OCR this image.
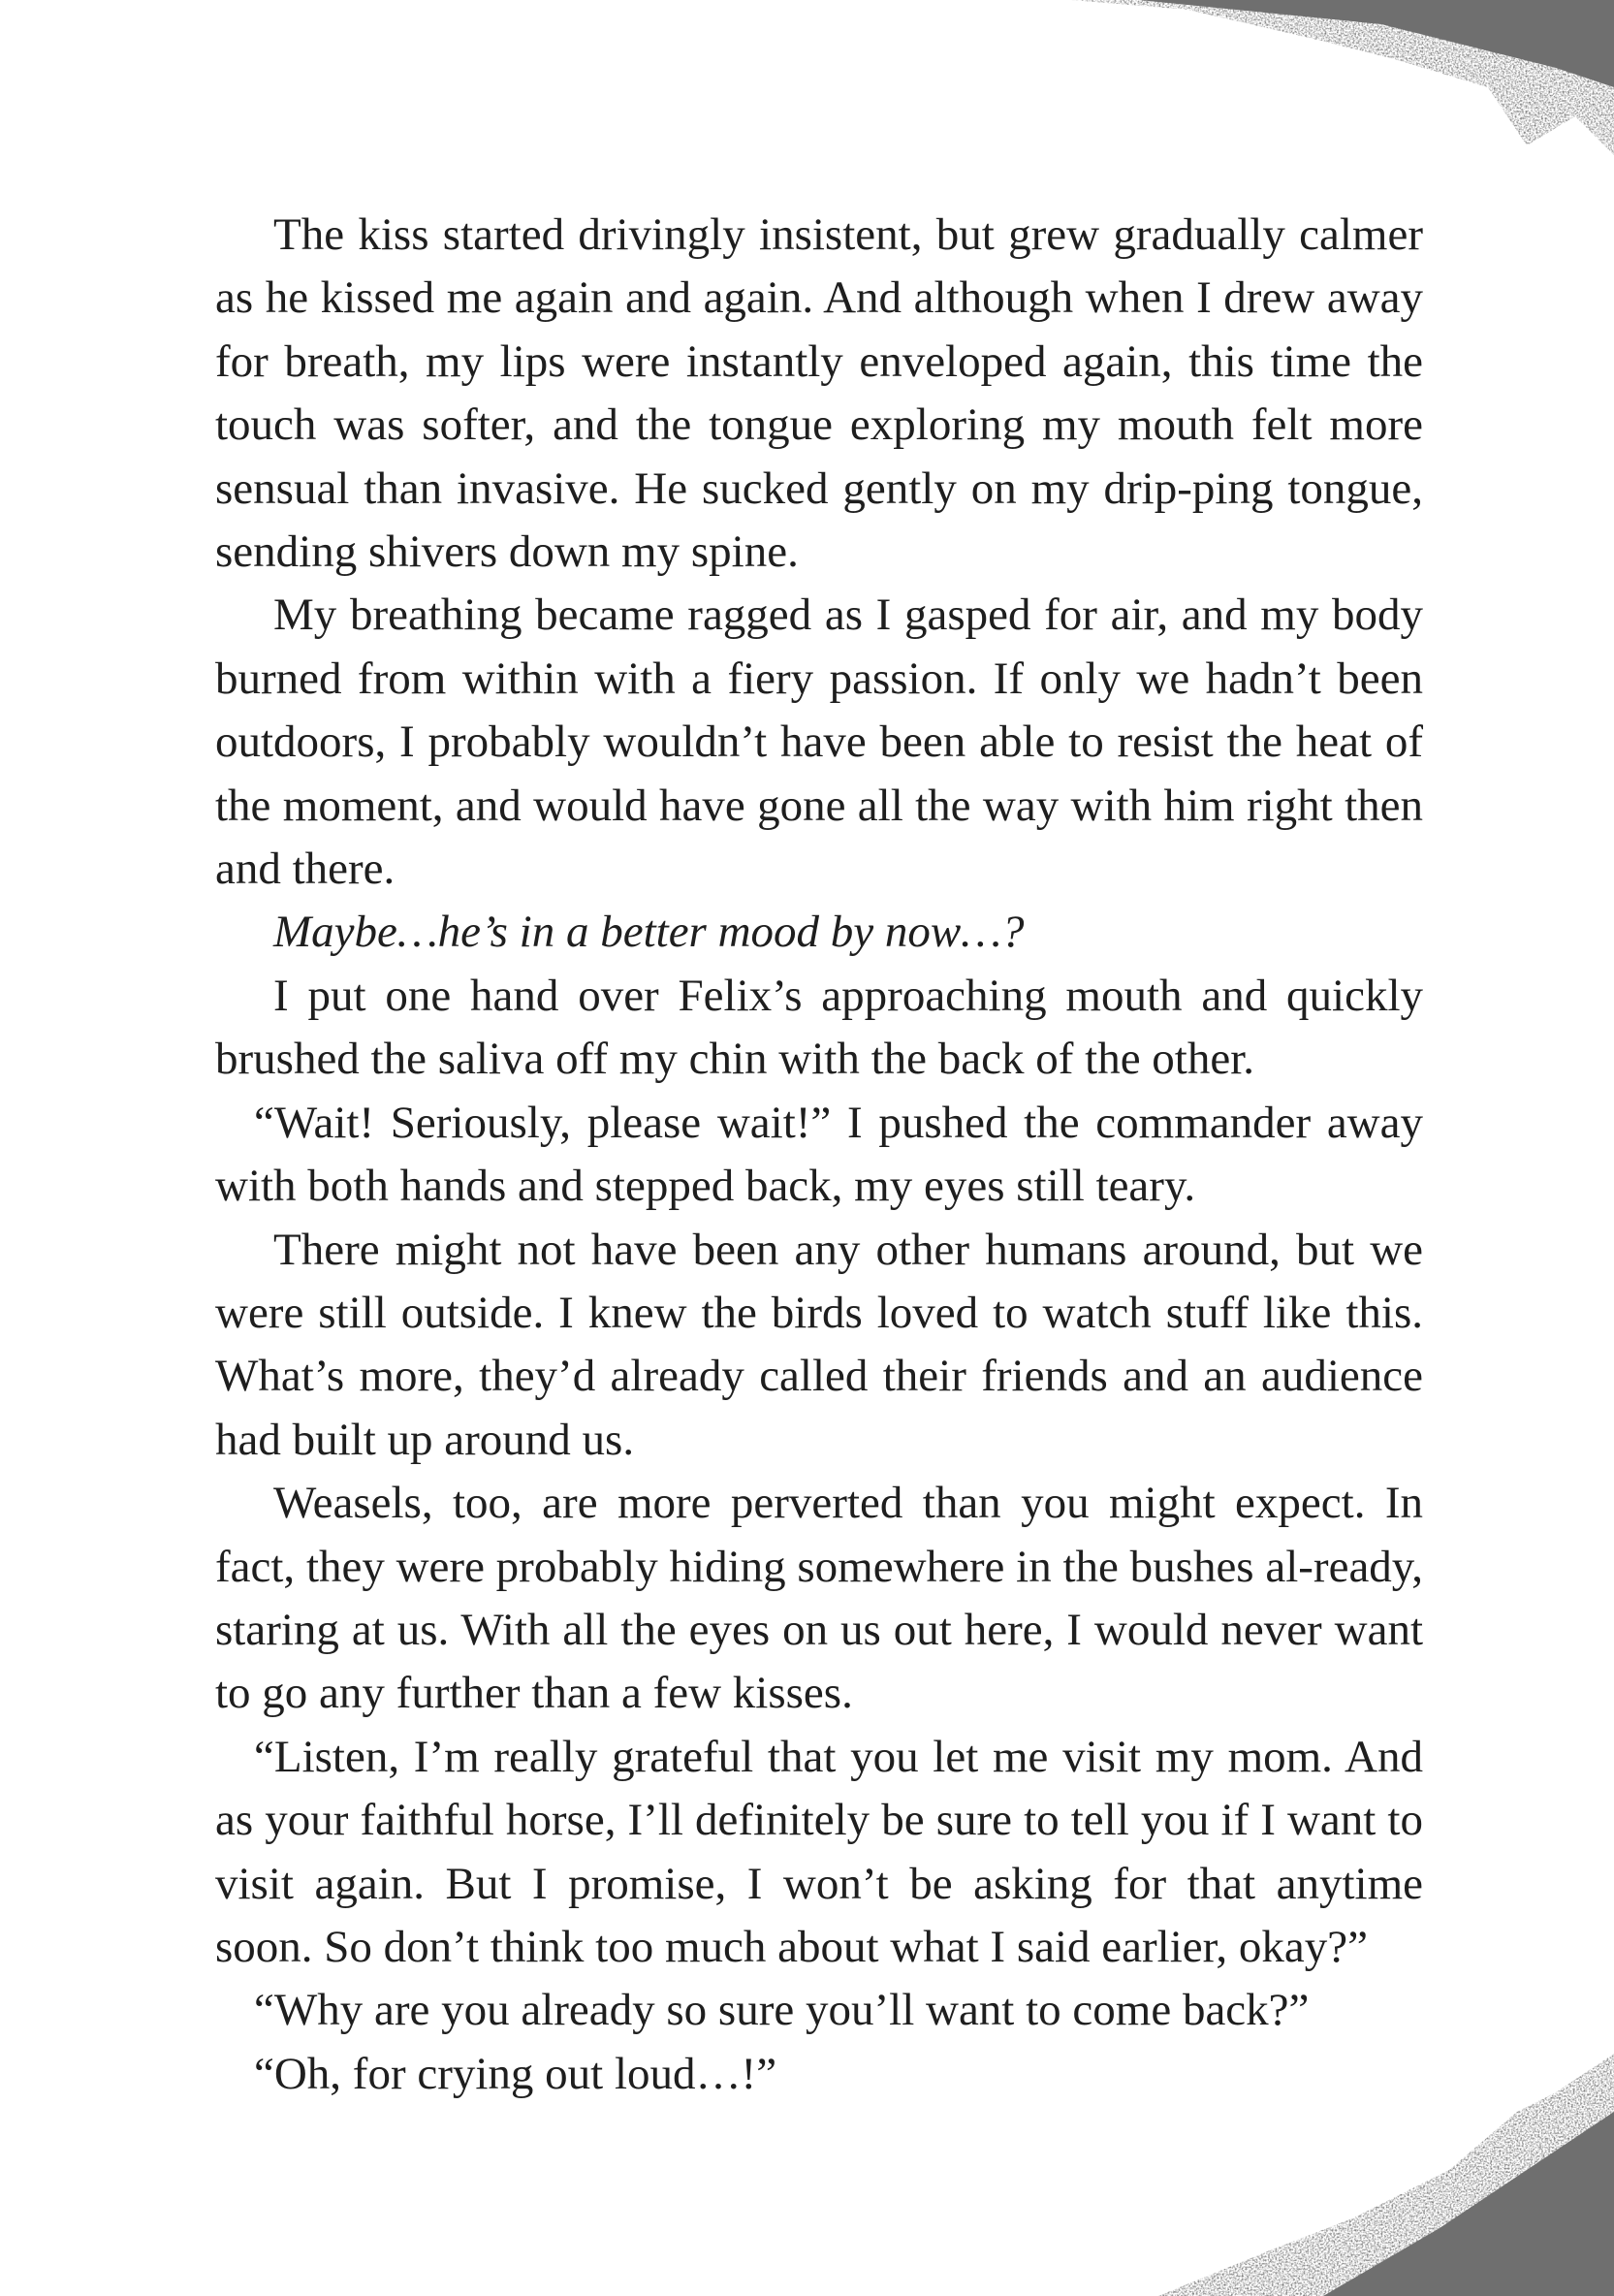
The kiss started drivingly insistent, but grew gradually calmer as he kissed me again and again. And although when I drew away for breath, my lips were instantly enveloped again, this time the touch was softer, and the tongue exploring my mouth felt more sensual than invasive. He sucked gently on my drip-ping tongue, sending shivers down my spine.

My breathing became ragged as I gasped for air, and my body burned from within with a fiery passion. If only we hadn’t been outdoors, I probably wouldn’t have been able to resist the heat of the moment, and would have gone all the way with him right then and there.

Maybe…he’s in a better mood by now…?

I put one hand over Felix’s approaching mouth and quickly brushed the saliva off my chin with the back of the other.

“Wait! Seriously, please wait!” I pushed the commander away with both hands and stepped back, my eyes still teary.

There might not have been any other humans around, but we were still outside. I knew the birds loved to watch stuff like this. What’s more, they’d already called their friends and an audience had built up around us.

Weasels, too, are more perverted than you might expect. In fact, they were probably hiding somewhere in the bushes al-ready, staring at us. With all the eyes on us out here, I would never want to go any further than a few kisses.

“Listen, I’m really grateful that you let me visit my mom. And as your faithful horse, I’ll definitely be sure to tell you if I want to visit again. But I promise, I won’t be asking for that anytime soon. So don’t think too much about what I said earlier, okay?”

“Why are you already so sure you’ll want to come back?”

“Oh, for crying out loud…!”
